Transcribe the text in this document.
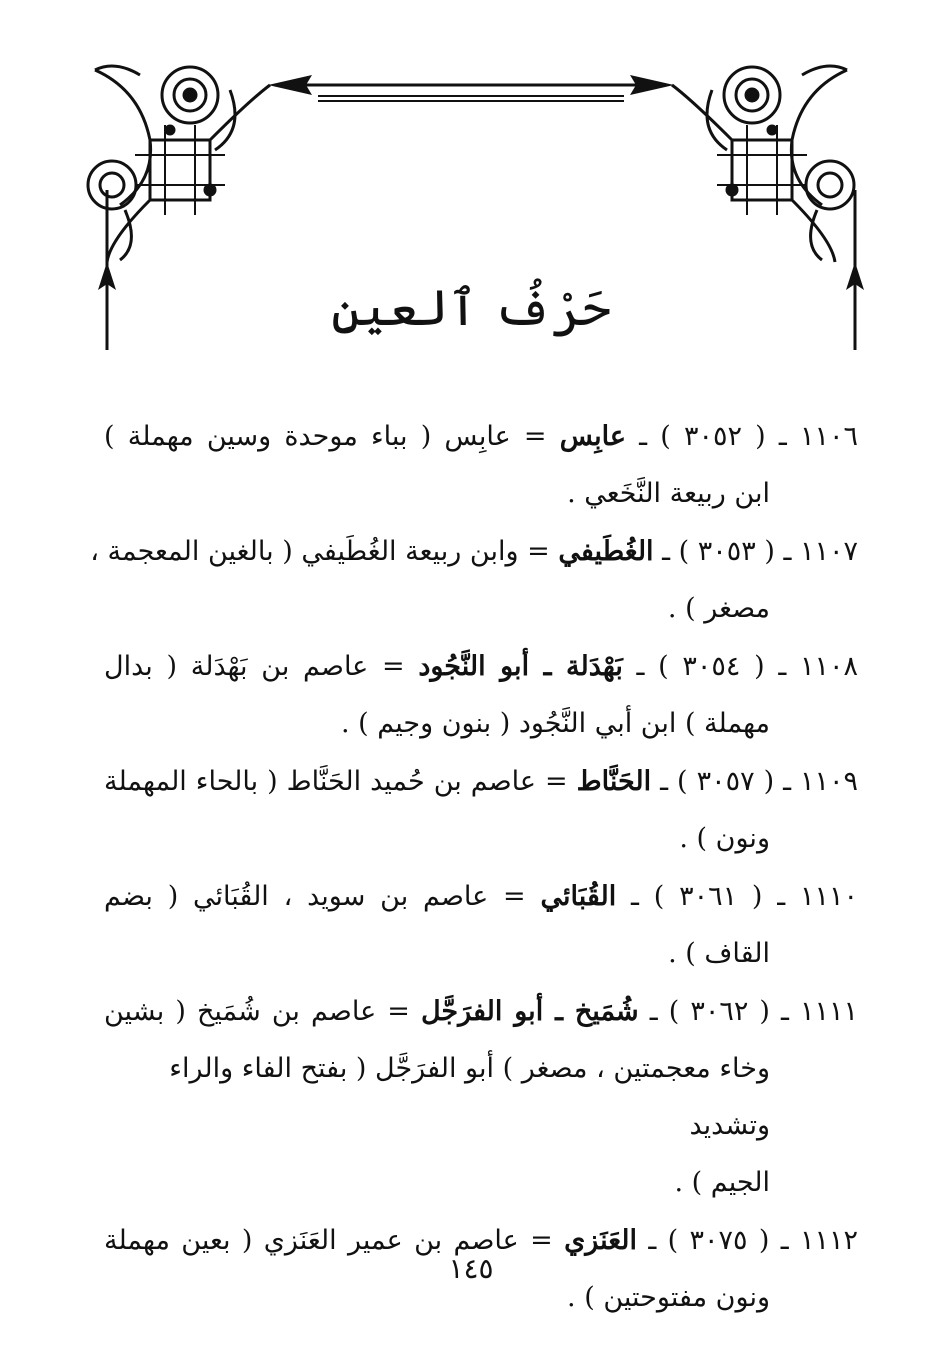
حَرْفُ ٱلعينِ
١١٠٦ ـ ( ٣٠٥٢ ) ـ عابِس = عابِس ( بباء موحدة وسين مهملة )
ابن ربيعة النَّخَعي .
١١٠٧ ـ ( ٣٠٥٣ ) ـ الغُطَيفي = وابن ربيعة الغُطَيفي ( بالغين المعجمة ،
مصغر ) .
١١٠٨ ـ ( ٣٠٥٤ ) ـ بَهْدَلة ـ أبو النَّجُود = عاصم بن بَهْدَلة ( بدال
مهملة ) ابن أبي النَّجُود ( بنون وجيم ) .
١١٠٩ ـ ( ٣٠٥٧ ) ـ الحَنَّاط = عاصم بن حُميد الحَنَّاط ( بالحاء المهملة
ونون ) .
١١١٠ ـ ( ٣٠٦١ ) ـ القُبَائي = عاصم بن سويد ، القُبَائي ( بضم
القاف ) .
١١١١ ـ ( ٣٠٦٢ ) ـ شُمَيخ ـ أبو الفرَجَّل = عاصم بن شُمَيخ ( بشين
وخاء معجمتين ، مصغر ) أبو الفرَجَّل ( بفتح الفاء والراء وتشديد
الجيم ) .
١١١٢ ـ ( ٣٠٧٥ ) ـ العَنَزي = عاصم بن عمير العَنَزي ( بعين مهملة
ونون مفتوحتين ) .
١٤٥
